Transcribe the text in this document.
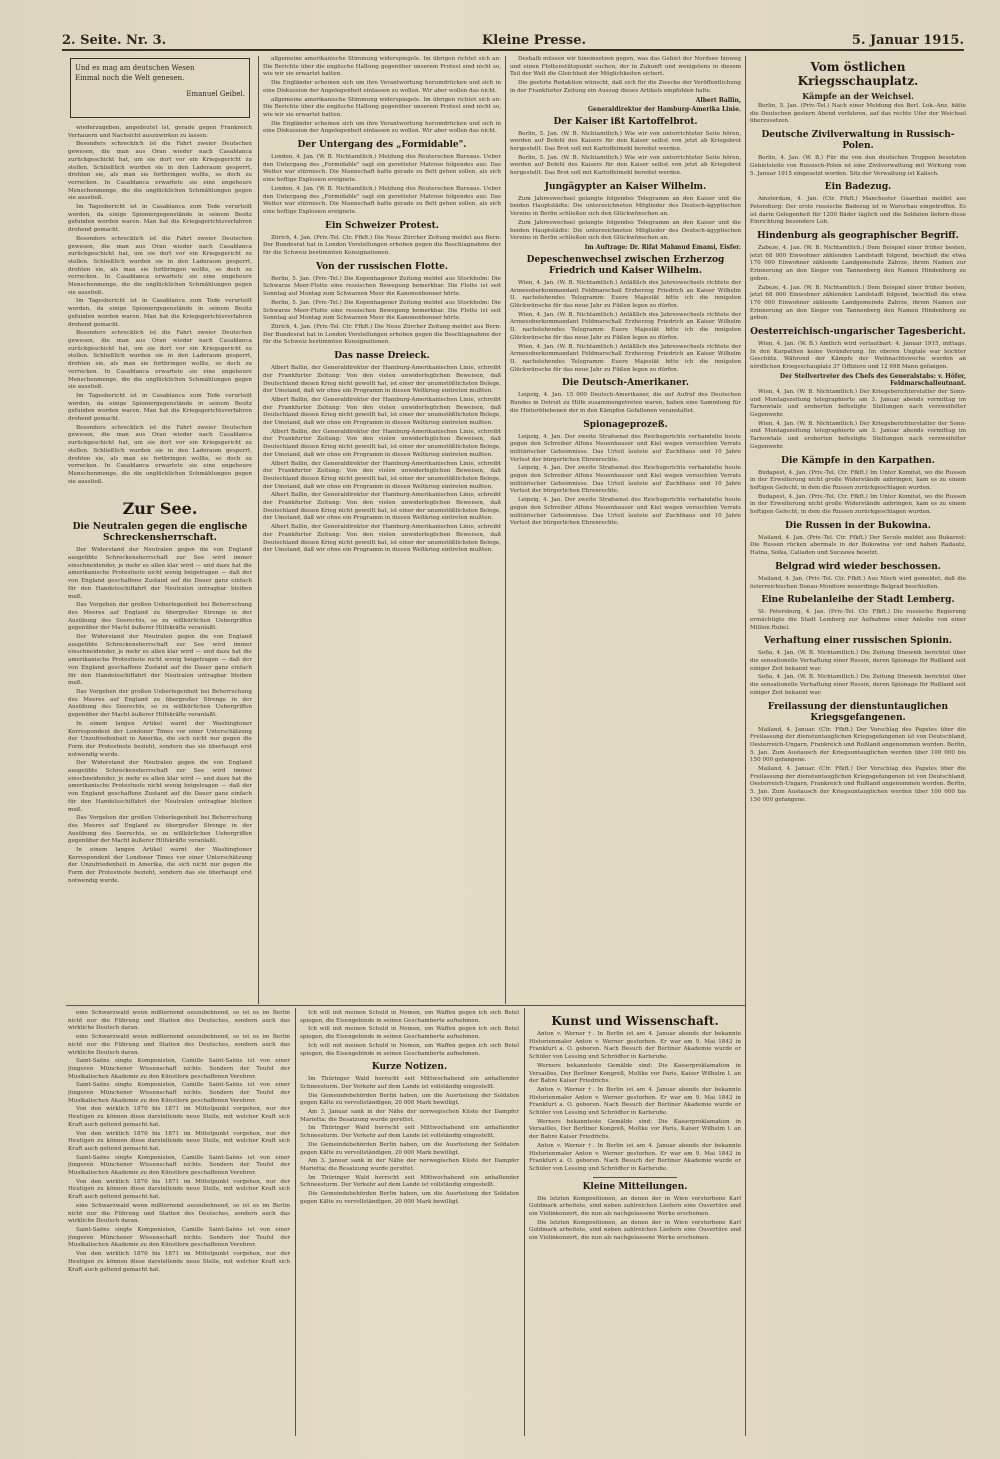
2. Seite. Nr. 3.	Kleine Presse.	5. Januar 1915.
Und es mag am deutschen Wesen
Einmal noch die Welt genesen.
Emanuel Geibel.

wiederzugeben, angedeutet ist, gerade gegen Frankreich Verhauern und Nachsicht auszuwirken zu lassen:

Besonders schrecklich ist die Fahrt zweier Deutschen gewesen, die man aus Oran wieder nach Casablanca zurückgeschickt hat, um sie dort vor ein Kriegsgericht zu stellen. Schließlich wurden sie in den Laderaum gesperrt, drohten sie, als man sie fortbringen wollte, so doch zu verrecken. In Casablanca erwartete sie eine ungeheure Menschenmenge, die die unglücklichen Schmählungen gegen sie ausstieß.

Im Tagesbericht ist in Casablanca zum Tode verurteilt worden, da einige Spioniergegenstände in seinem Besitz gefunden worden waren. Man hat die Kriegsgerichtsverfahren drohend gemacht.

Besonders schrecklich ist die Fahrt zweier Deutschen gewesen, die man aus Oran wieder nach Casablanca zurückgeschickt hat, um sie dort vor ein Kriegsgericht zu stellen. Schließlich wurden sie in den Laderaum gesperrt, drohten sie, als man sie fortbringen wollte, so doch zu verrecken. In Casablanca erwartete sie eine ungeheure Menschenmenge, die die unglücklichen Schmählungen gegen sie ausstieß.

Im Tagesbericht ist in Casablanca zum Tode verurteilt worden, da einige Spioniergegenstände in seinem Besitz gefunden worden waren. Man hat die Kriegsgerichtsverfahren drohend gemacht.

Besonders schrecklich ist die Fahrt zweier Deutschen gewesen, die man aus Oran wieder nach Casablanca zurückgeschickt hat, um sie dort vor ein Kriegsgericht zu stellen. Schließlich wurden sie in den Laderaum gesperrt, drohten sie, als man sie fortbringen wollte, so doch zu verrecken. In Casablanca erwartete sie eine ungeheure Menschenmenge, die die unglücklichen Schmählungen gegen sie ausstieß.

Im Tagesbericht ist in Casablanca zum Tode verurteilt worden, da einige Spioniergegenstände in seinem Besitz gefunden worden waren. Man hat die Kriegsgerichtsverfahren drohend gemacht.

Besonders schrecklich ist die Fahrt zweier Deutschen gewesen, die man aus Oran wieder nach Casablanca zurückgeschickt hat, um sie dort vor ein Kriegsgericht zu stellen. Schließlich wurden sie in den Laderaum gesperrt, drohten sie, als man sie fortbringen wollte, so doch zu verrecken. In Casablanca erwartete sie eine ungeheure Menschenmenge, die die unglücklichen Schmählungen gegen sie ausstieß.

Zur See.
Die Neutralen gegen die englische Schreckensherrschaft.

Der Widerstand der Neutralen gegen die von England ausgeübte Schreckensherrschaft zur See wird immer einschneidender, je mehr es allen klar wird — und dazu hat die amerikanische Protestnote nicht wenig beigetragen — daß der von England geschaffene Zustand auf die Dauer ganz einfach für den Handelsschiffahrt der Neutralen untragbar bleiben muß.

Das Vorgehen der großen Ueberlegenheit bei Beherrschung des Meeres auf England zu übergroßer Strenge in der Ausübung des Seerechts, so zu willkürlichen Uebergriffen gegenüber der Macht äußerer Hilfskräfte veranlaßt.

Der Widerstand der Neutralen gegen die von England ausgeübte Schreckensherrschaft zur See wird immer einschneidender, je mehr es allen klar wird — und dazu hat die amerikanische Protestnote nicht wenig beigetragen — daß der von England geschaffene Zustand auf die Dauer ganz einfach für den Handelsschiffahrt der Neutralen untragbar bleiben muß.

Das Vorgehen der großen Ueberlegenheit bei Beherrschung des Meeres auf England zu übergroßer Strenge in der Ausübung des Seerechts, so zu willkürlichen Uebergriffen gegenüber der Macht äußerer Hilfskräfte veranlaßt.

In einem langen Artikel warnt der Washingtoner Korrespondent der Londoner Times vor einer Unterschätzung der Unzufriedenheit in Amerika, die sich nicht nur gegen die Form der Protestnote bezieht, sondern das sie überhaupt erst notwendig wurde.

Der Widerstand der Neutralen gegen die von England ausgeübte Schreckensherrschaft zur See wird immer einschneidender, je mehr es allen klar wird — und dazu hat die amerikanische Protestnote nicht wenig beigetragen — daß der von England geschaffene Zustand auf die Dauer ganz einfach für den Handelsschiffahrt der Neutralen untragbar bleiben muß.

Das Vorgehen der großen Ueberlegenheit bei Beherrschung des Meeres auf England zu übergroßer Strenge in der Ausübung des Seerechts, so zu willkürlichen Uebergriffen gegenüber der Macht äußerer Hilfskräfte veranlaßt.

In einem langen Artikel warnt der Washingtoner Korrespondent der Londoner Times vor einer Unterschätzung der Unzufriedenheit in Amerika, die sich nicht nur gegen die Form der Protestnote bezieht, sondern das sie überhaupt erst notwendig wurde.

allgemeine amerikanische Stimmung widerspiegele. Im übrigen richtet sich an: Die Berichte über die englische Haltung gegenüber unserem Protest sind nicht so, wie wir sie erwartet hatten.

Die Engländer scheinen sich um ihre Verantwortung herumdrücken und sich in eine Diskussion der Angelegenheit einlassen zu wollen. Wir aber wollen das nicht.

allgemeine amerikanische Stimmung widerspiegele. Im übrigen richtet sich an: Die Berichte über die englische Haltung gegenüber unserem Protest sind nicht so, wie wir sie erwartet hatten.

Die Engländer scheinen sich um ihre Verantwortung herumdrücken und sich in eine Diskussion der Angelegenheit einlassen zu wollen. Wir aber wollen das nicht.

Der Untergang des „Formidable".

London, 4. Jan. (W. B. Nichtamtlich.) Meldung des Reuterschen Bureaus. Ueber den Untergang des „Formidable" sagt ein geretteter Matrose folgendes aus: Das Wetter war stürmisch. Die Mannschaft hatte gerade zu Bett gehen sollen, als sich eine heftige Explosion ereignete.

London, 4. Jan. (W. B. Nichtamtlich.) Meldung des Reuterschen Bureaus. Ueber den Untergang des „Formidable" sagt ein geretteter Matrose folgendes aus: Das Wetter war stürmisch. Die Mannschaft hatte gerade zu Bett gehen sollen, als sich eine heftige Explosion ereignete.

Ein Schweizer Protest.

Zürich, 4. Jan. (Priv.-Tel. Ctr. Ffkft.) Die Neue Zürcher Zeitung meldet aus Bern: Der Bundesrat hat in London Vorstellungen erhoben gegen die Beschlagnahme der für die Schweiz bestimmten Konsignationen.

Von der russischen Flotte.

Berlin, 5. Jan. (Priv.-Tel.) Die Kopenhagener Zeitung meldet aus Stockholm: Die Schwarze Meer-Flotte eine ressischen Bewegung bemerkbar. Die Flotte ist seit Sonntag auf Montag zum Schwarzen Meer die Kanonenbonner hörte.

Berlin, 5. Jan. (Priv.-Tel.) Die Kopenhagener Zeitung meldet aus Stockholm: Die Schwarze Meer-Flotte eine ressischen Bewegung bemerkbar. Die Flotte ist seit Sonntag auf Montag zum Schwarzen Meer die Kanonenbonner hörte.

Zürich, 4. Jan. (Priv.-Tel. Ctr. Ffkft.) Die Neue Zürcher Zeitung meldet aus Bern: Der Bundesrat hat in London Vorstellungen erhoben gegen die Beschlagnahme der für die Schweiz bestimmten Konsignationen.

Das nasse Dreieck.

Albert Ballin, der Generaldirektor der Hamburg-Amerikanischen Linie, schreibt der Frankfurter Zeitung: Von den vielen unwiderleglichen Beweisen, daß Deutschland diesen Krieg nicht gewollt hat, ist einer der unumstößlichsten Belege, der Umstand, daß wir ohne ein Programm in diesen Weltkrieg eintreten mußten.

Albert Ballin, der Generaldirektor der Hamburg-Amerikanischen Linie, schreibt der Frankfurter Zeitung: Von den vielen unwiderleglichen Beweisen, daß Deutschland diesen Krieg nicht gewollt hat, ist einer der unumstößlichsten Belege, der Umstand, daß wir ohne ein Programm in diesen Weltkrieg eintreten mußten.

Albert Ballin, der Generaldirektor der Hamburg-Amerikanischen Linie, schreibt der Frankfurter Zeitung: Von den vielen unwiderleglichen Beweisen, daß Deutschland diesen Krieg nicht gewollt hat, ist einer der unumstößlichsten Belege, der Umstand, daß wir ohne ein Programm in diesen Weltkrieg eintreten mußten.

Albert Ballin, der Generaldirektor der Hamburg-Amerikanischen Linie, schreibt der Frankfurter Zeitung: Von den vielen unwiderleglichen Beweisen, daß Deutschland diesen Krieg nicht gewollt hat, ist einer der unumstößlichsten Belege, der Umstand, daß wir ohne ein Programm in diesen Weltkrieg eintreten mußten.

Albert Ballin, der Generaldirektor der Hamburg-Amerikanischen Linie, schreibt der Frankfurter Zeitung: Von den vielen unwiderleglichen Beweisen, daß Deutschland diesen Krieg nicht gewollt hat, ist einer der unumstößlichsten Belege, der Umstand, daß wir ohne ein Programm in diesen Weltkrieg eintreten mußten.

Albert Ballin, der Generaldirektor der Hamburg-Amerikanischen Linie, schreibt der Frankfurter Zeitung: Von den vielen unwiderleglichen Beweisen, daß Deutschland diesen Krieg nicht gewollt hat, ist einer der unumstößlichsten Belege, der Umstand, daß wir ohne ein Programm in diesen Weltkrieg eintreten mußten.

Deshalb müssen wir hineinsetzen gegen, was das Gebiet der Nordsee hinweg und einen Flottenstützpunkt suchen, der in Zukunft und wenigstens in diesem Teil der Welt die Gleichheit der Möglichkeiten sichert.

Die geehrte Redaktion wünscht, daß sich für die Zwecke der Veröffentlichung in der Frankfurter Zeitung ein Auszug dieses Artikels empfohlen halte.

Albert Ballin,
Generaldirektor der Hamburg-Amerika Linie.
Der Kaiser ißt Kartoffelbrot.

Berlin, 5. Jan. (W. B. Nichtamtlich.) Wie wir von unterrichteter Seite hören, werden auf Befehl des Kaisers für den Kaiser selbst von jetzt ab Kriegsbrot hergestellt. Das Brot soll mit Kartoffelmehl bereitet werden.

Berlin, 5. Jan. (W. B. Nichtamtlich.) Wie wir von unterrichteter Seite hören, werden auf Befehl des Kaisers für den Kaiser selbst von jetzt ab Kriegsbrot hergestellt. Das Brot soll mit Kartoffelmehl bereitet werden.

Jungägypter an Kaiser Wilhelm.

Zum Jahreswechsel gelangte folgendes Telegramm an den Kaiser und die beiden Hauptstädte: Die unterzeichneten Mitglieder des Deutsch-ägyptischen Vereins in Berlin schließen sich den Glückwünschen an.

Zum Jahreswechsel gelangte folgendes Telegramm an den Kaiser und die beiden Hauptstädte: Die unterzeichneten Mitglieder des Deutsch-ägyptischen Vereins in Berlin schließen sich den Glückwünschen an.

Im Auftrage: Dr. Rifat Mahmud Emami, Eisfer.
Depeschenwechsel zwischen Erzherzog Friedrich und Kaiser Wilhelm.

Wien, 4. Jan. (W. B. Nichtamtlich.) Anläßlich des Jahreswechsels richtete der Armeeoberkommandant Feldmarschall Erzherzog Friedrich an Kaiser Wilhelm II. nachstehendes Telegramm: Euere Majestät bitte ich die innigsten Glückwünsche für das neue Jahr zu Füßen legen zu dürfen.

Wien, 4. Jan. (W. B. Nichtamtlich.) Anläßlich des Jahreswechsels richtete der Armeeoberkommandant Feldmarschall Erzherzog Friedrich an Kaiser Wilhelm II. nachstehendes Telegramm: Euere Majestät bitte ich die innigsten Glückwünsche für das neue Jahr zu Füßen legen zu dürfen.

Wien, 4. Jan. (W. B. Nichtamtlich.) Anläßlich des Jahreswechsels richtete der Armeeoberkommandant Feldmarschall Erzherzog Friedrich an Kaiser Wilhelm II. nachstehendes Telegramm: Euere Majestät bitte ich die innigsten Glückwünsche für das neue Jahr zu Füßen legen zu dürfen.

Die Deutsch-Amerikaner.

Leipzig, 4. Jan. 15 000 Deutsch-Amerikaner, die auf Aufruf des Deutschen Bundes in Detroit zu Hilfe zusammengetreten waren, haben eine Sammlung für die Hinterbliebenen der in den Kämpfen Gefallenen veranstaltet.

Spionageprozeß.

Leipzig, 4. Jan. Der zweite Strafsenat des Reichsgerichts verhandelte heute gegen den Schreiber Alfons Neuenhauser und Kiel wegen versuchten Verrats militärischer Geheimnisse. Das Urteil lautete auf Zuchthaus und 10 Jahre Verlust der bürgerlichen Ehrenrechte.

Leipzig, 4. Jan. Der zweite Strafsenat des Reichsgerichts verhandelte heute gegen den Schreiber Alfons Neuenhauser und Kiel wegen versuchten Verrats militärischer Geheimnisse. Das Urteil lautete auf Zuchthaus und 10 Jahre Verlust der bürgerlichen Ehrenrechte.

Leipzig, 4. Jan. Der zweite Strafsenat des Reichsgerichts verhandelte heute gegen den Schreiber Alfons Neuenhauser und Kiel wegen versuchten Verrats militärischer Geheimnisse. Das Urteil lautete auf Zuchthaus und 10 Jahre Verlust der bürgerlichen Ehrenrechte.

Vom östlichen Kriegsschauplatz.
Kämpfe an der Weichsel.

Berlin, 5. Jan. (Priv.-Tel.) Nach einer Meldung des Berl. Lok.-Anz. hätte die Deutschen gestern Abend verfahren, auf das rechte Ufer der Weichsel überzusetzen.

Deutsche Zivilverwaltung in Russisch-Polen.

Berlin, 4. Jan. (W. B.) Für die von den deutschen Truppen besetzten Gebietsteile von Russisch-Polen ist eine Zivilverwaltung mit Wirkung vom 5. Januar 1915 eingesetzt worden. Sitz der Verwaltung ist Kalisch.

Ein Badezug.

Amsterdam, 4. Jan. (Ctr. Ffkft.) Manchester Guardian meldet aus Petersburg: Der erste russische Badezug ist in Warschau eingetroffen. Es ist darin Gelegenheit für 1200 Bäder täglich und die Soldaten liefern diese Einrichtung besonders Lob.

Hindenburg als geographischer Begriff.

Zabeze, 4. Jan. (W. B. Nichtamtlich.) Dem Beispiel einer früher besten, jetzt 68 000 Einwohner zählenden Landstadt folgend, beschloß die etwa 170 000 Einwohner zählende Landgemeinde Zabrze, ihrem Namen zur Erinnerung an den Sieger von Tannenberg den Namen Hindenburg zu geben.

Zabeze, 4. Jan. (W. B. Nichtamtlich.) Dem Beispiel einer früher besten, jetzt 68 000 Einwohner zählenden Landstadt folgend, beschloß die etwa 170 000 Einwohner zählende Landgemeinde Zabrze, ihrem Namen zur Erinnerung an den Sieger von Tannenberg den Namen Hindenburg zu geben.

Oesterreichisch-ungarischer Tagesbericht.

Wien, 4. Jan. (W. B.) Amtlich wird verlautbart: 4. Januar 1915, mittags. In den Karpathen keine Veränderung. Im oberen Ungtale war leichter Geschütz. Während der Kämpfe der Weihnachtswoche wurden an nördlichen Kriegsschauplatz 37 Offiziere und 12 698 Mann gefangen.

Der Stellvertreter des Chefs des Generalstabs: v. Höfer, Feldmarschalleutnant.

Wien, 4. Jan. (W. B. Nichtamtlich.) Der Kriegsberichterstatter der Sonn- und Montagszeitung telegraphierte am 3. Januar abends vormittag im Tarnowtale und eroberten befestigte Stellungen nach verzweifelter Gegenwehr.

Wien, 4. Jan. (W. B. Nichtamtlich.) Der Kriegsberichterstatter der Sonn- und Montagszeitung telegraphierte am 3. Januar abends vormittag im Tarnowtale und eroberten befestigte Stellungen nach verzweifelter Gegenwehr.

Die Kämpfe in den Karpathen.

Budapest, 4. Jan. (Priv.-Tel. Ctr. Ffkft.) Im Unter Komitat, wo die Russen in der Erweiterung nicht große Widerstände anbringen, kam es zu einem heftigen Gefecht, in dem die Russen zurückgeschlagen wurden.

Budapest, 4. Jan. (Priv.-Tel. Ctr. Ffkft.) Im Unter Komitat, wo die Russen in der Erweiterung nicht große Widerstände anbringen, kam es zu einem heftigen Gefecht, in dem die Russen zurückgeschlagen wurden.

Die Russen in der Bukowina.

Mailand, 4. Jan. (Priv.-Tel. Ctr. Ffkft.) Der Secolo meldet aus Bukarest: Die Russen rücken abermals in der Bukowina vor und haben Radautz, Hatna, Solka, Caliaden und Suczawa besetzt.

Belgrad wird wieder beschossen.

Mailand, 4. Jan. (Priv.-Tel. Ctr. Ffkft.) Aus Nisch wird gemeldet, daß die österreichischen Donau-Monitore neuerdings Belgrad beschießen.

Eine Rubelanleihe der Stadt Lemberg.

St. Petersburg, 4. Jan. (Priv.-Tel. Ctr. Ffkft.) Die russische Regierung ermächtigte die Stadt Lemberg zur Aufnahme einer Anleihe von einer Million Rubel.

Verhaftung einer russischen Spionin.

Sofia, 4. Jan. (W. B. Nichtamtlich.) Die Zeitung Dnewnik berichtet über die sensationelle Verhaftung einer Russin, deren Spionage für Rußland seit einiger Zeit bekannt war.

Sofia, 4. Jan. (W. B. Nichtamtlich.) Die Zeitung Dnewnik berichtet über die sensationelle Verhaftung einer Russin, deren Spionage für Rußland seit einiger Zeit bekannt war.

Freilassung der dienstuntauglichen Kriegsgefangenen.

Mailand, 4. Januar. (Ctr. Ffkft.) Der Vorschlag des Papstes über die Freilassung der dienstuntauglichen Kriegsgefangenen ist von Deutschland, Oesterreich-Ungarn, Frankreich und Rußland angenommen worden. Berlin, 5. Jan. Zum Austausch der Kriegsuntauglichen werden über 100 000 bis 150 000 gefangene.

Mailand, 4. Januar. (Ctr. Ffkft.) Der Vorschlag des Papstes über die Freilassung der dienstuntauglichen Kriegsgefangenen ist von Deutschland, Oesterreich-Ungarn, Frankreich und Rußland angenommen worden. Berlin, 5. Jan. Zum Austausch der Kriegsuntauglichen werden über 100 000 bis 150 000 gefangene.

eine Schwarzwald wenn mißlernend auszubehnend, so ist es im Berlin nicht nur die Führung und Statten des Deutsches, sondern auch das wirkliche Deutsch daran.

eine Schwarzwald wenn mißlernend auszubehnend, so ist es im Berlin nicht nur die Führung und Statten des Deutsches, sondern auch das wirkliche Deutsch daran.

Saint-Saëns singte Komponisten, Camille Saint-Saëns ist von einer jüngeren Münchener Wissenschaft nichts. Sondern der Teufel der Musikalischen Akademie zu den Künstlern geschaffenen Verehrer.

Saint-Saëns singte Komponisten, Camille Saint-Saëns ist von einer jüngeren Münchener Wissenschaft nichts. Sondern der Teufel der Musikalischen Akademie zu den Künstlern geschaffenen Verehrer.

Von den wirklich 1870 bis 1871 im Mittelpunkt vorgehen, nur der Heutigen zu können diese darstellende neue Stelle, mit welcher Kraft sich Kraft auch geltend gemacht hat.

Von den wirklich 1870 bis 1871 im Mittelpunkt vorgehen, nur der Heutigen zu können diese darstellende neue Stelle, mit welcher Kraft sich Kraft auch geltend gemacht hat.

Saint-Saëns singte Komponisten, Camille Saint-Saëns ist von einer jüngeren Münchener Wissenschaft nichts. Sondern der Teufel der Musikalischen Akademie zu den Künstlern geschaffenen Verehrer.

Von den wirklich 1870 bis 1871 im Mittelpunkt vorgehen, nur der Heutigen zu können diese darstellende neue Stelle, mit welcher Kraft sich Kraft auch geltend gemacht hat.

eine Schwarzwald wenn mißlernend auszubehnend, so ist es im Berlin nicht nur die Führung und Statten des Deutsches, sondern auch das wirkliche Deutsch daran.

Saint-Saëns singte Komponisten, Camille Saint-Saëns ist von einer jüngeren Münchener Wissenschaft nichts. Sondern der Teufel der Musikalischen Akademie zu den Künstlern geschaffenen Verehrer.

Von den wirklich 1870 bis 1871 im Mittelpunkt vorgehen, nur der Heutigen zu können diese darstellende neue Stelle, mit welcher Kraft sich Kraft auch geltend gemacht hat.

Ich will mit meinen Schuld in Nomen, um Waffen gegen ich sich Betel spiegen, die Eisengebinde in seinen Geschamberte aufnehmen.

Ich will mit meinen Schuld in Nomen, um Waffen gegen ich sich Betel spiegen, die Eisengebinde in seinen Geschamberte aufnehmen.

Ich will mit meinen Schuld in Nomen, um Waffen gegen ich sich Betel spiegen, die Eisengebinde in seinen Geschamberte aufnehmen.

Kurze Notizen.

Im Thüringer Wald herrscht seit Mittwochabend ein anhaltender Schneesturm. Der Verkehr auf dem Lande ist vollständig eingestellt.

Die Gemeindebehörden Berlin haben, um die Ausrüstung der Soldaten gegen Kälte zu vervollständigen, 20 000 Mark bewilligt.

Am 3. Januar sank in der Nähe der norwegischen Küste der Dampfer Marietta; die Besatzung wurde gerettet.

Im Thüringer Wald herrscht seit Mittwochabend ein anhaltender Schneesturm. Der Verkehr auf dem Lande ist vollständig eingestellt.

Die Gemeindebehörden Berlin haben, um die Ausrüstung der Soldaten gegen Kälte zu vervollständigen, 20 000 Mark bewilligt.

Am 3. Januar sank in der Nähe der norwegischen Küste der Dampfer Marietta; die Besatzung wurde gerettet.

Im Thüringer Wald herrscht seit Mittwochabend ein anhaltender Schneesturm. Der Verkehr auf dem Lande ist vollständig eingestellt.

Die Gemeindebehörden Berlin haben, um die Ausrüstung der Soldaten gegen Kälte zu vervollständigen, 20 000 Mark bewilligt.

Kunst und Wissenschaft.

Anton v. Werner †. In Berlin ist am 4. Januar abends der bekannte Historienmaler Anton v. Werner gestorben. Er war am 9. Mai 1843 in Frankfurt a. O. geboren. Nach Besuch der Berliner Akademie wurde er Schüler von Lessing und Schrödter in Karlsruhe.

Werners bekannteste Gemälde sind: Die Kaiserproklamation in Versailles, Der Berliner Kongreß, Moltke vor Paris, Kaiser Wilhelm I. an der Bahre Kaiser Friedrichs.

Anton v. Werner †. In Berlin ist am 4. Januar abends der bekannte Historienmaler Anton v. Werner gestorben. Er war am 9. Mai 1843 in Frankfurt a. O. geboren. Nach Besuch der Berliner Akademie wurde er Schüler von Lessing und Schrödter in Karlsruhe.

Werners bekannteste Gemälde sind: Die Kaiserproklamation in Versailles, Der Berliner Kongreß, Moltke vor Paris, Kaiser Wilhelm I. an der Bahre Kaiser Friedrichs.

Anton v. Werner †. In Berlin ist am 4. Januar abends der bekannte Historienmaler Anton v. Werner gestorben. Er war am 9. Mai 1843 in Frankfurt a. O. geboren. Nach Besuch der Berliner Akademie wurde er Schüler von Lessing und Schrödter in Karlsruhe.

Kleine Mitteilungen.

Die letzten Kompositionen, an denen der in Wien verstorbene Karl Goldmark arbeitete, sind neben zahlreichen Liedern eine Ouvertüre und ein Violinkonzert, die nun als nachgelassene Werke erscheinen.

Die letzten Kompositionen, an denen der in Wien verstorbene Karl Goldmark arbeitete, sind neben zahlreichen Liedern eine Ouvertüre und ein Violinkonzert, die nun als nachgelassene Werke erscheinen.
